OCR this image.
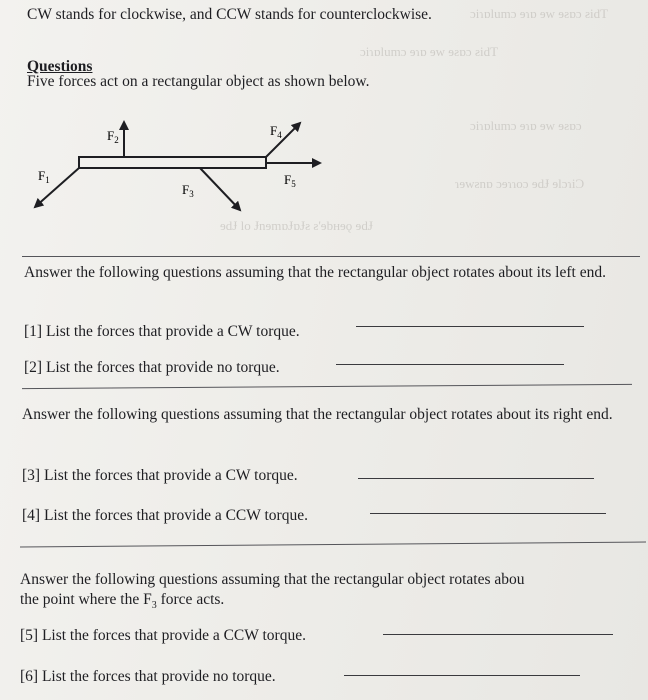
ɔiɿɒlumɔ ɘɿɒ ɘw ɘƨɒɔ ƨidT
ɔiɿɒlumɔ ɘɿɒ ɘw ɘƨɒɔ ƨidT
ɔiɿɒlumɔ ɘɿɒ ɘw ɘƨɒɔ
ɿɘwƨnɒ ɔɘɿɿoɔ ɘdɈ ɘlɔɿiƆ
ɘdɈ lo ɈnɘmɒɈɒɈƨ ƨ'ɘbʜɘǫ ɘdɈ
CW stands for clockwise, and CCW stands for counterclockwise.
Questions
Five forces act on a rectangular object as shown below.
$F_1$
$F_2$
$F_3$
$F_4$
$F_5$
Answer the following questions assuming that the rectangular object rotates about its left end.
[1] List the forces that provide a CW torque.
[2] List the forces that provide no torque.
Answer the following questions assuming that the rectangular object rotates about its right end.
[3] List the forces that provide a CW torque.
[4] List the forces that provide a CCW torque.
Answer the following questions assuming that the rectangular object rotates abou
the point where the $F_3$ force acts.
[5] List the forces that provide a CCW torque.
[6] List the forces that provide no torque.
